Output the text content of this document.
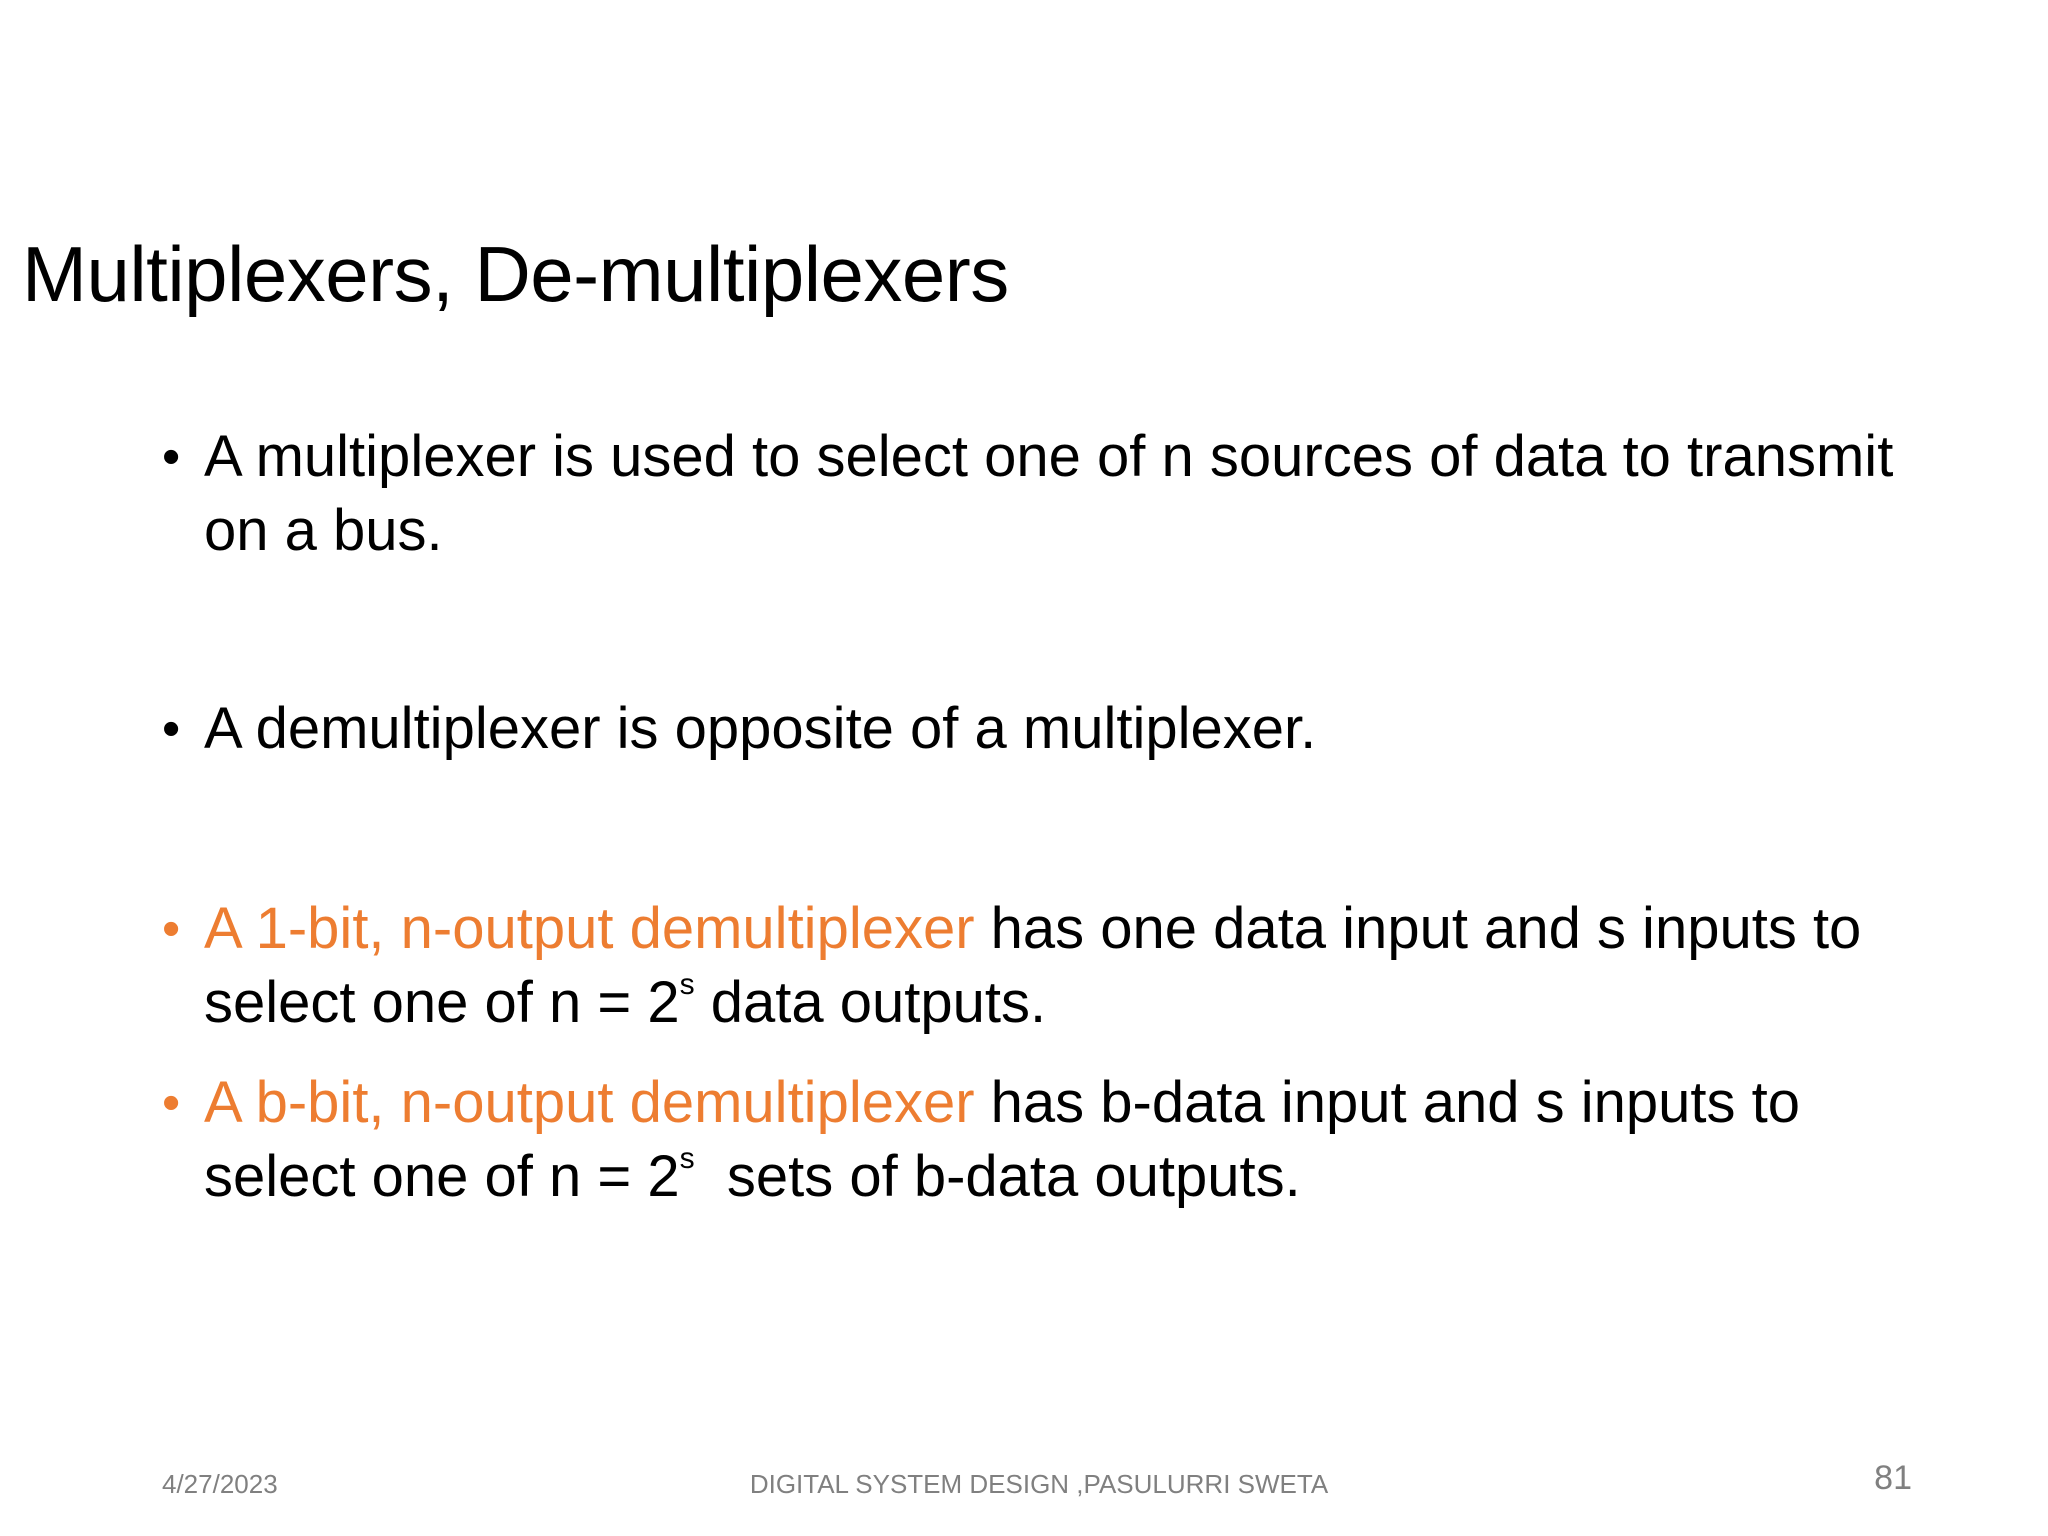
Multiplexers, De-multiplexers
• A multiplexer is used to select one of n sources of data to transmit on a bus.
• A demultiplexer is opposite of a multiplexer.
• A 1-bit, n-output demultiplexer has one data input and s inputs to select one of $n = 2^s$ data outputs.
• A b-bit, n-output demultiplexer has b-data input and s inputs to select one of $n = 2^s$  sets of b-data outputs.
4/27/2023	DIGITAL SYSTEM DESIGN ,PASULURRI SWETA	81
